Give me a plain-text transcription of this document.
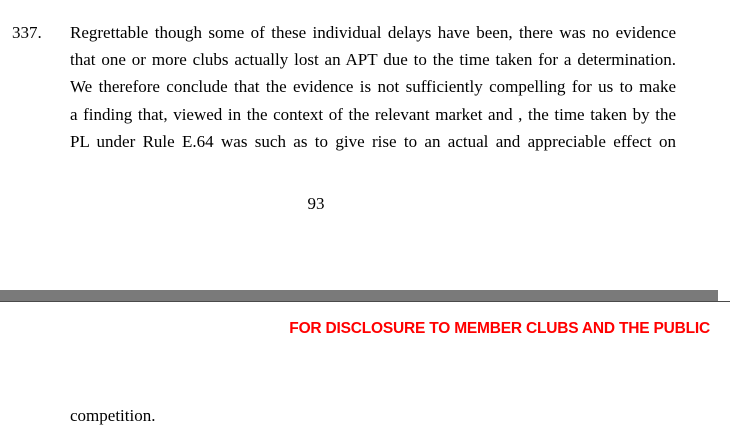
337. Regrettable though some of these individual delays have been, there was no evidence
that one or more clubs actually lost an APT due to the time taken for a determination.
We therefore conclude that the evidence is not sufficiently compelling for us to make
a finding that, viewed in the context of the relevant market and , the time taken by the
PL under Rule E.64 was such as to give rise to an actual and appreciable effect on
93
FOR DISCLOSURE TO MEMBER CLUBS AND THE PUBLIC
competition.
